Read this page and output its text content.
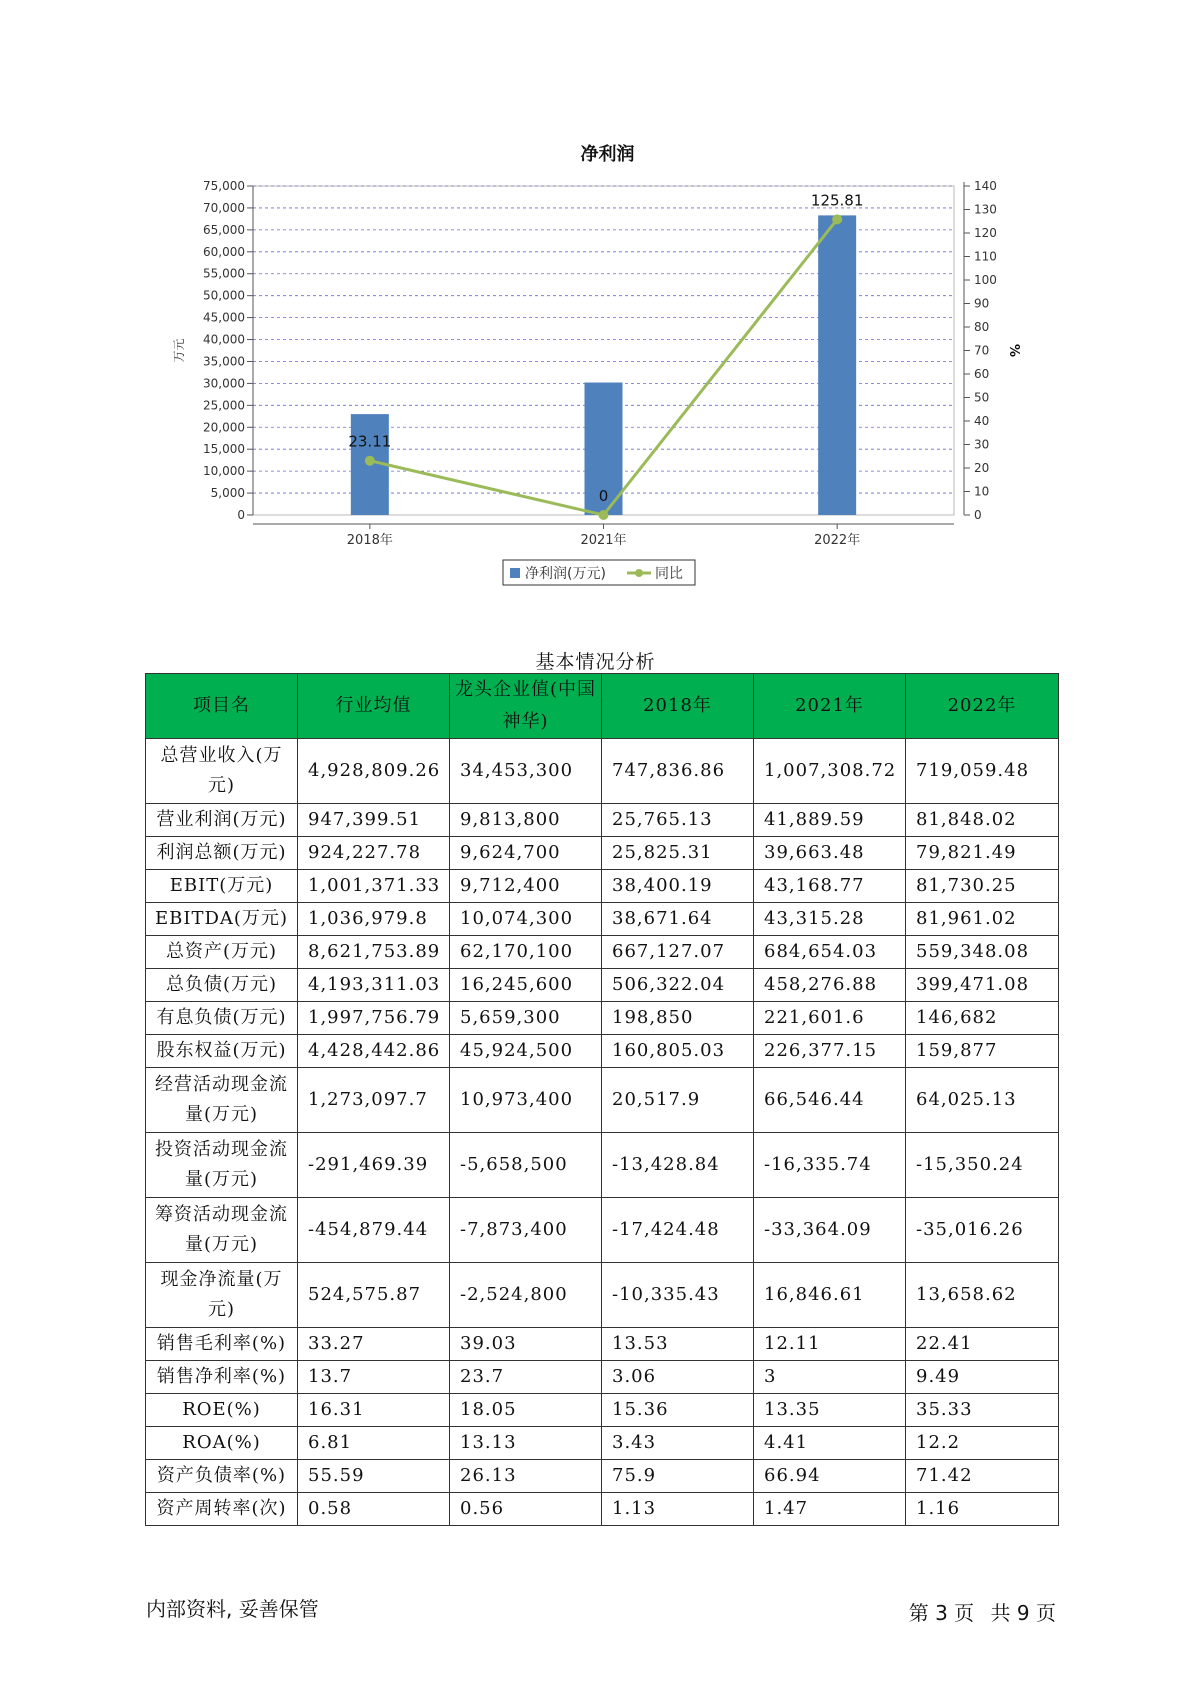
净利润
0
5,000
10,000
15,000
20,000
25,000
30,000
35,000
40,000
45,000
50,000
55,000
60,000
65,000
70,000
75,000
0
10
20
30
40
50
60
70
80
90
100
110
120
130
140
万元	%
2018年	2021年	2022年
23.11
0
125.81
净利润(万元)	同比
基本情况分析
项目名	行业均值	龙头企业值(中国神华)	2018年	2021年	2022年
总营业收入(万元)	4,928,809.26	34,453,300	747,836.86	1,007,308.72	719,059.48
营业利润(万元)	947,399.51	9,813,800	25,765.13	41,889.59	81,848.02
利润总额(万元)	924,227.78	9,624,700	25,825.31	39,663.48	79,821.49
EBIT(万元)	1,001,371.33	9,712,400	38,400.19	43,168.77	81,730.25
EBITDA(万元)	1,036,979.8	10,074,300	38,671.64	43,315.28	81,961.02
总资产(万元)	8,621,753.89	62,170,100	667,127.07	684,654.03	559,348.08
总负债(万元)	4,193,311.03	16,245,600	506,322.04	458,276.88	399,471.08
有息负债(万元)	1,997,756.79	5,659,300	198,850	221,601.6	146,682
股东权益(万元)	4,428,442.86	45,924,500	160,805.03	226,377.15	159,877
经营活动现金流量(万元)	1,273,097.7	10,973,400	20,517.9	66,546.44	64,025.13
投资活动现金流量(万元)	-291,469.39	-5,658,500	-13,428.84	-16,335.74	-15,350.24
筹资活动现金流量(万元)	-454,879.44	-7,873,400	-17,424.48	-33,364.09	-35,016.26
现金净流量(万元)	524,575.87	-2,524,800	-10,335.43	16,846.61	13,658.62
销售毛利率(%)	33.27	39.03	13.53	12.11	22.41
销售净利率(%)	13.7	23.7	3.06	3	9.49
ROE(%)	16.31	18.05	15.36	13.35	35.33
ROA(%)	6.81	13.13	3.43	4.41	12.2
资产负债率(%)	55.59	26.13	75.9	66.94	71.42
资产周转率(次)	0.58	0.56	1.13	1.47	1.16
内部资料, 妥善保管	第 3 页 共 9 页
